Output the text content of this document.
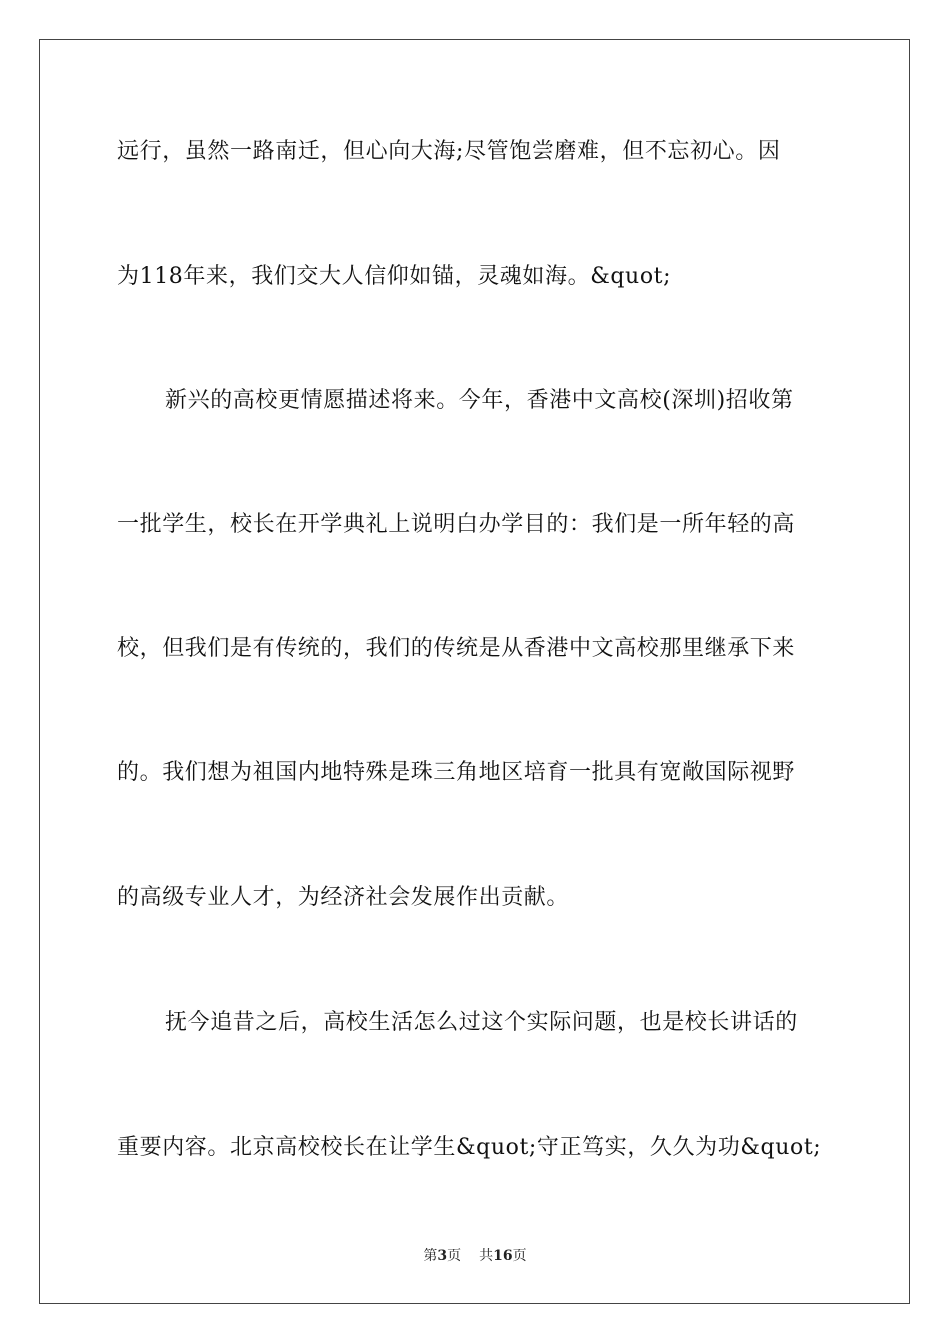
远行，虽然一路南迁，但心向大海;尽管饱尝磨难，但不忘初心。因
为118年来，我们交大人信仰如锚，灵魂如海。&quot;
新兴的高校更情愿描述将来。今年，香港中文高校(深圳)招收第
一批学生，校长在开学典礼上说明白办学目的：我们是一所年轻的高
校，但我们是有传统的，我们的传统是从香港中文高校那里继承下来
的。我们想为祖国内地特殊是珠三角地区培育一批具有宽敞国际视野
的高级专业人才，为经济社会发展作出贡献。
抚今追昔之后，高校生活怎么过这个实际问题，也是校长讲话的
重要内容。北京高校校长在让学生&quot;守正笃实，久久为功&quot;
第3页 共16页
